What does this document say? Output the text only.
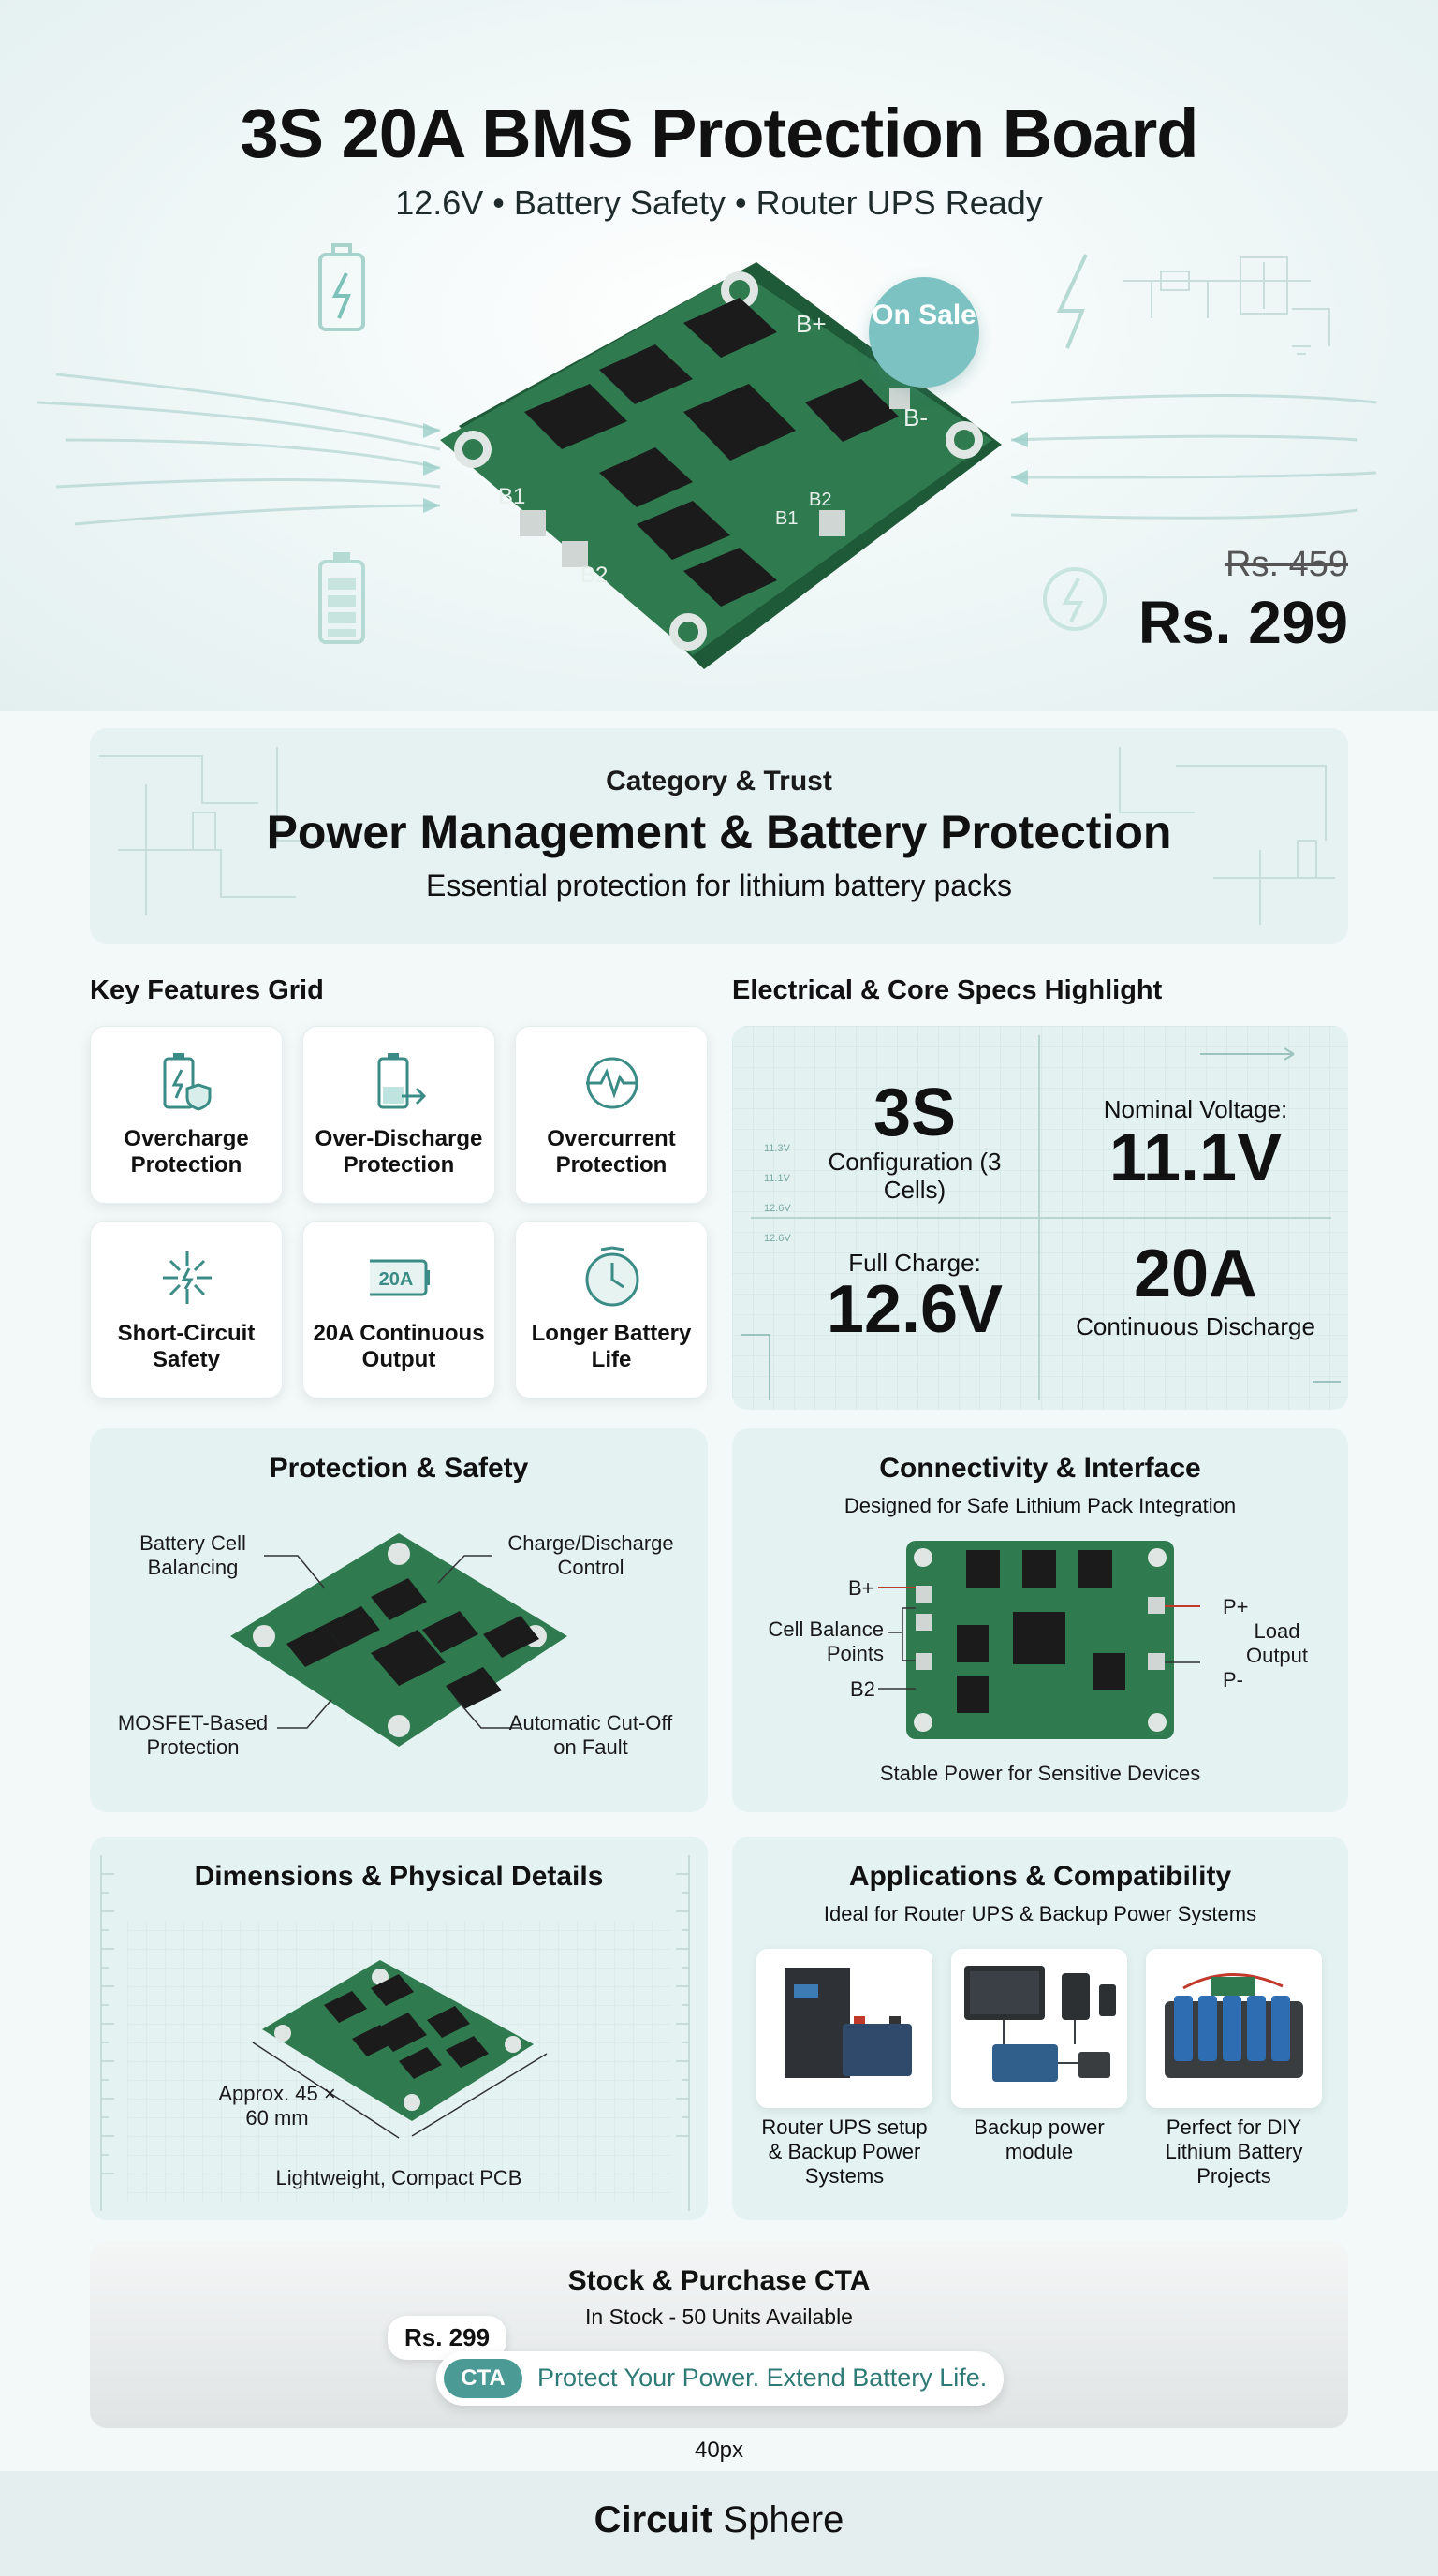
B+
B-
B1
B2
B1
B2
3S 20A BMS Protection Board
12.6V • Battery Safety • Router UPS Ready
On Sale
Rs. 459
Rs. 299
Category & Trust
Power Management & Battery Protection
Essential protection for lithium battery packs
Key Features Grid
Overcharge Protection
Over-Discharge Protection
Overcurrent Protection
Short-Circuit Safety
20A
20A Continuous Output
Longer Battery Life
Electrical & Core Specs Highlight
11.3V
11.1V
12.6V
12.6V
3S
Configuration (3 Cells)
Nominal Voltage:
11.1V
Full Charge:
12.6V	20A
Continuous Discharge
Protection & Safety
Battery Cell Balancing
Charge/Discharge Control
MOSFET-Based Protection
Automatic Cut-Off on Fault
Connectivity & Interface
Designed for Safe Lithium Pack Integration
B+
Cell Balance Points
B2
P+
Load Output
P-
Stable Power for Sensitive Devices
Dimensions & Physical Details
Approx. 45 × 60 mm
Lightweight, Compact PCB
Applications & Compatibility
Ideal for Router UPS & Backup Power Systems
Router UPS setup & Backup Power Systems
Backup power module
Perfect for DIY Lithium Battery Projects
Stock & Purchase CTA
In Stock - 50 Units Available
Rs. 299
CTA	Protect Your Power. Extend Battery Life.
40px
Circuit Sphere
